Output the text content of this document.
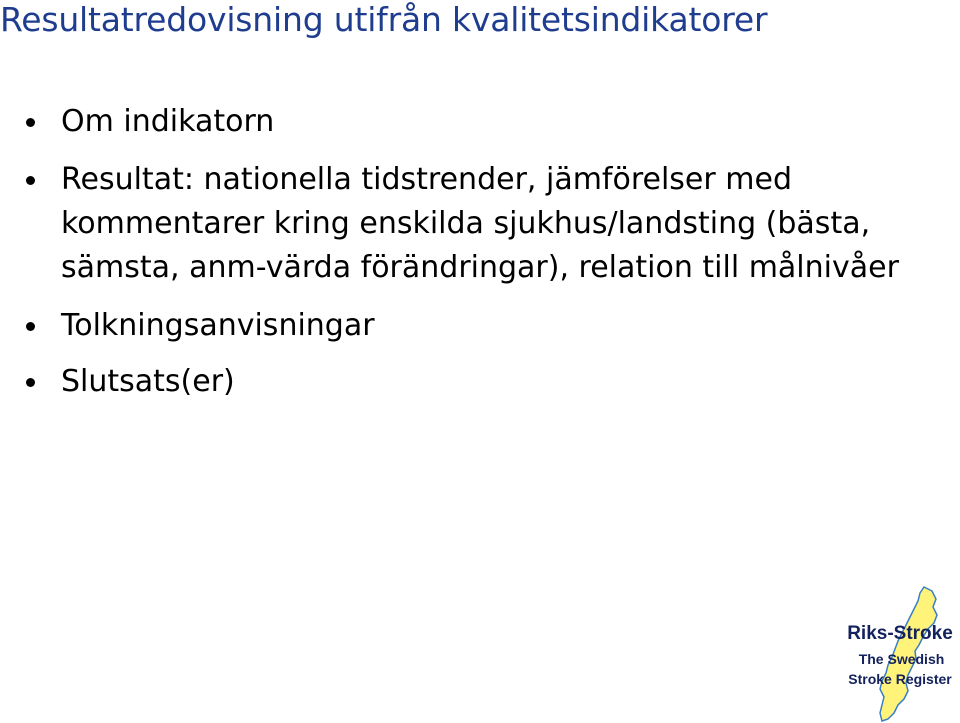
Resultatredovisning utifrån kvalitetsindikatorer
Om indikatorn
Resultat: nationella tidstrender, jämförelser med kommentarer kring enskilda sjukhus/landsting (bästa, sämsta, anm-värda förändringar), relation till målnivåer
Tolkningsanvisningar
Slutsats(er)
Riks-Stroke
The Swedish
Stroke Register
